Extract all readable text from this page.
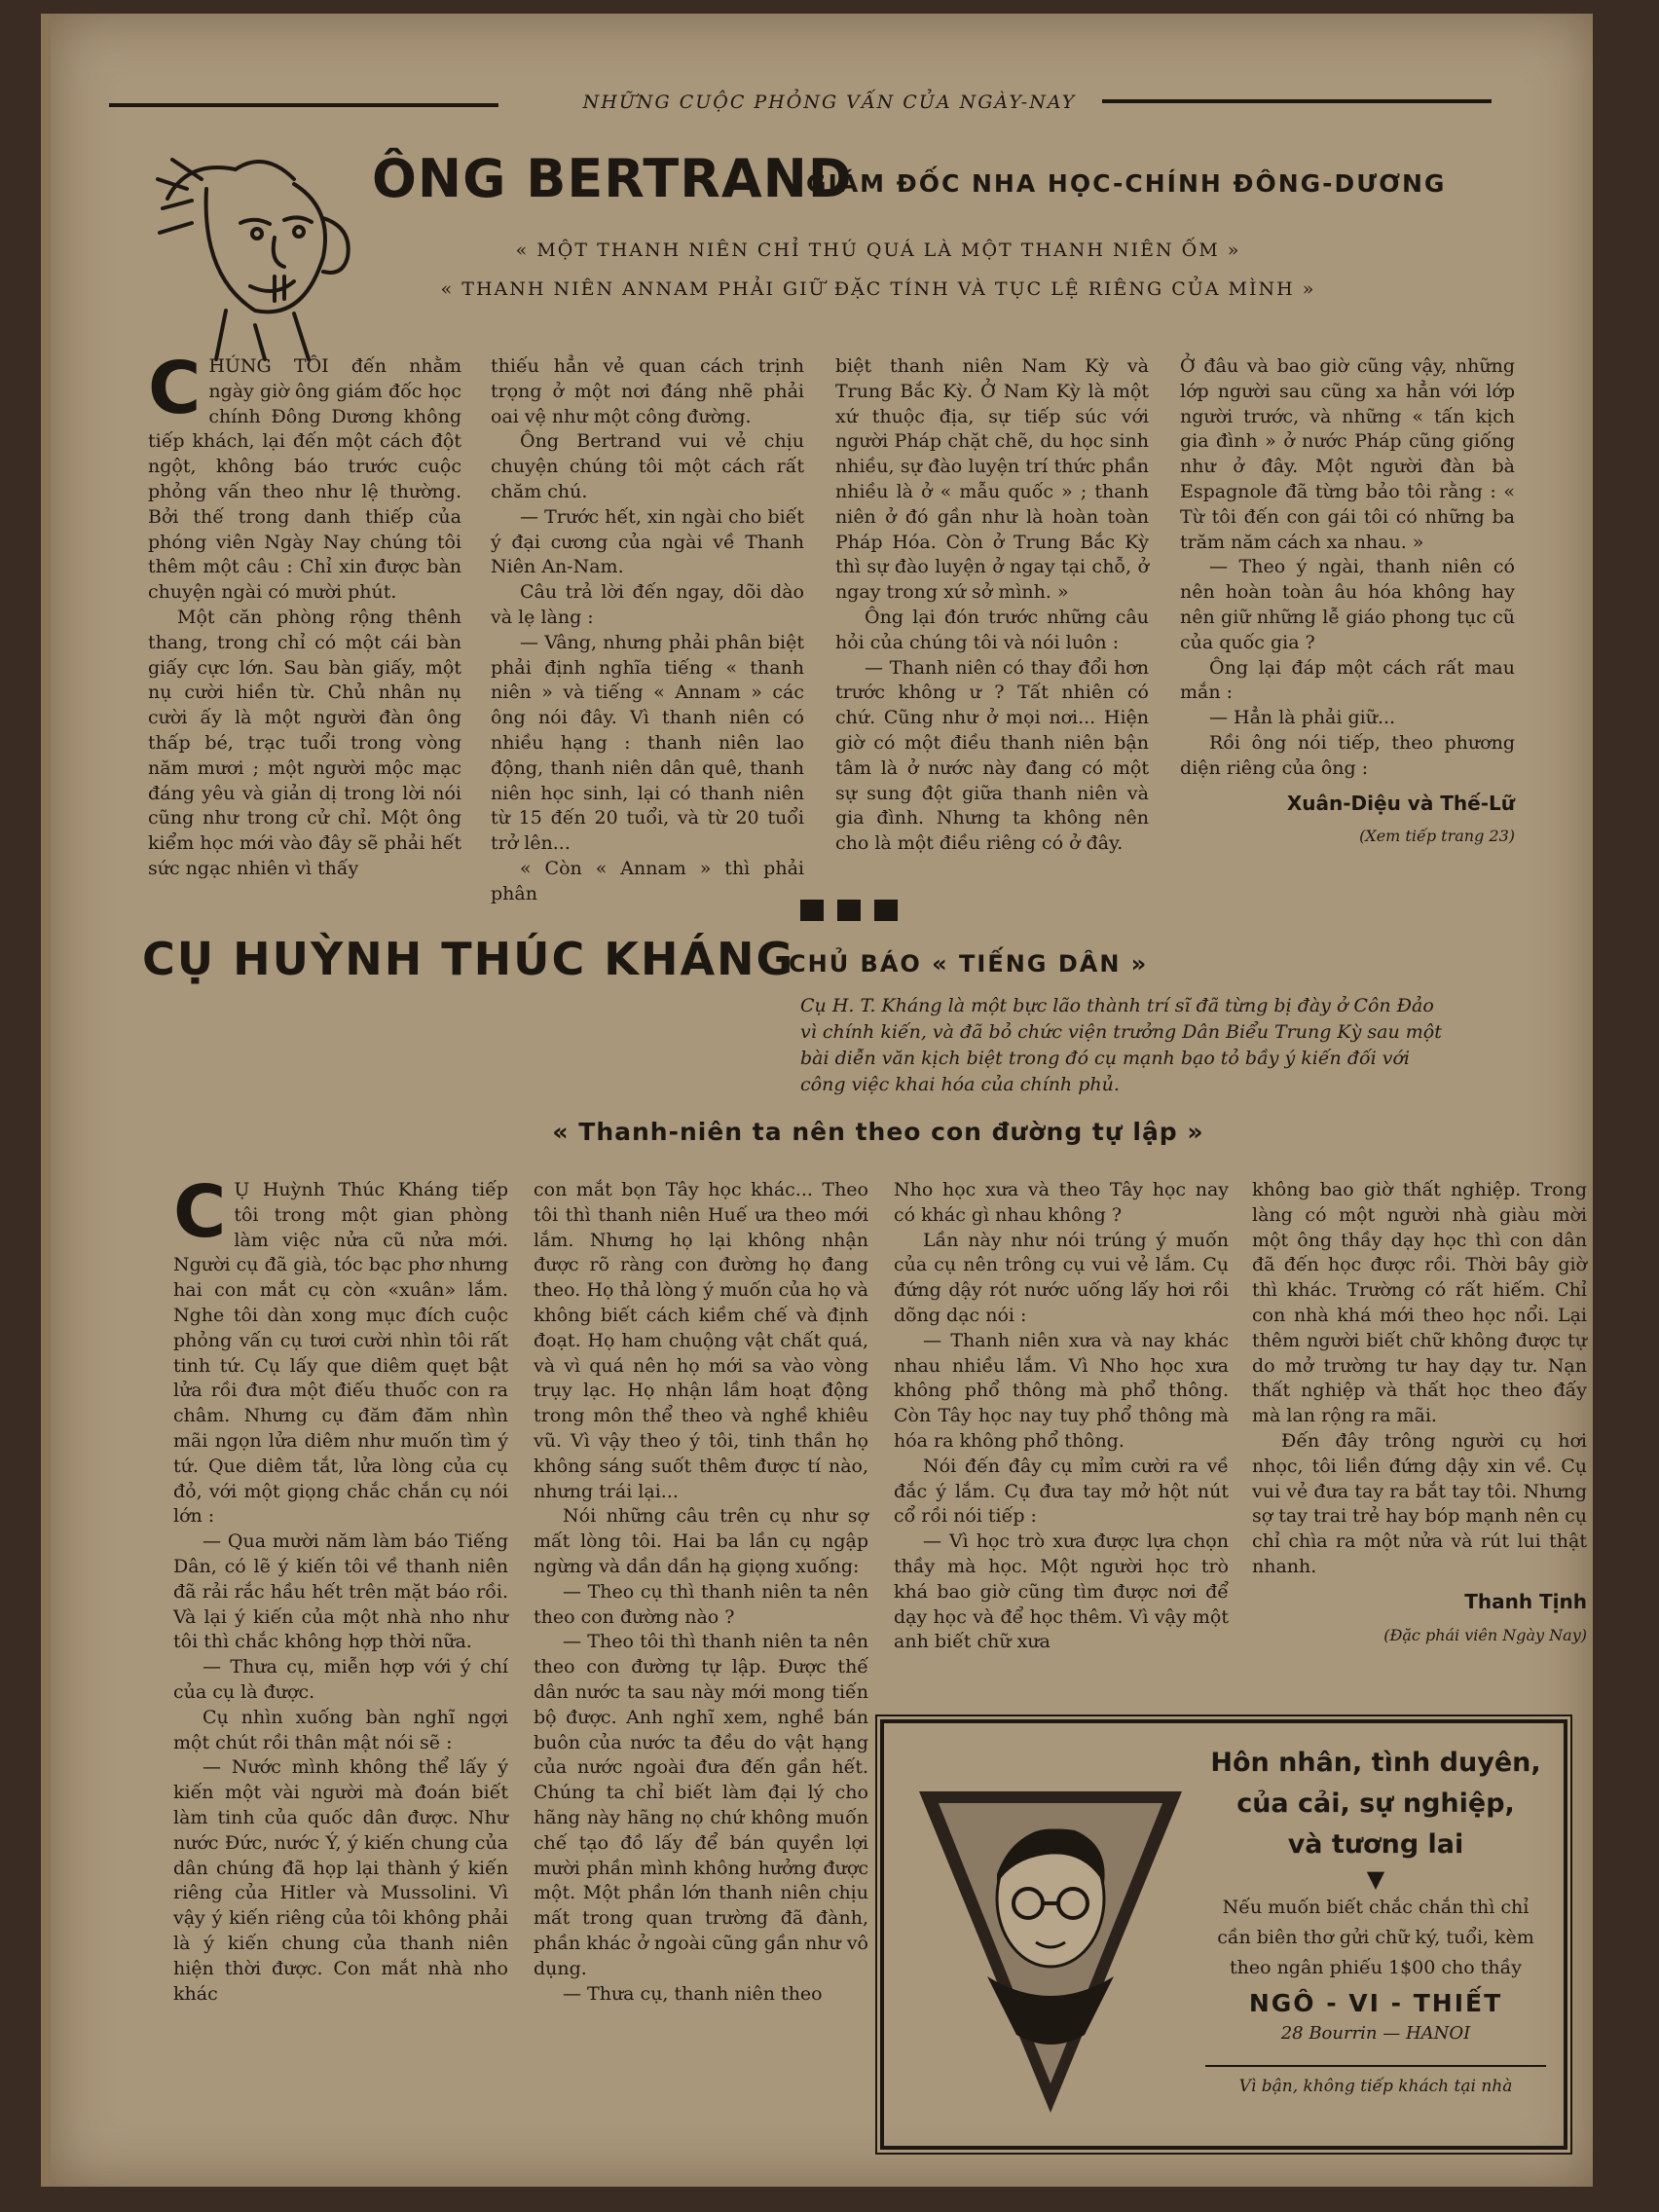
NHỮNG CUỘC PHỎNG VẤN CỦA NGÀY-NAY
ÔNG BERTRAND
GIÁM ĐỐC NHA HỌC-CHÍNH ĐÔNG-DƯƠNG
« MỘT THANH NIÊN CHỈ THÚ QUÁ LÀ MỘT THANH NIÊN ỐM »
« THANH NIÊN ANNAM PHẢI GIỮ ĐẶC TÍNH VÀ TỤC LỆ RIÊNG CỦA MÌNH »

CHÚNG TÔI đến nhằm ngày giờ ông giám đốc học chính Đông Dương không tiếp khách, lại đến một cách đột ngột, không báo trước cuộc phỏng vấn theo như lệ thường. Bởi thế trong danh thiếp của phóng viên Ngày Nay chúng tôi thêm một câu : Chỉ xin được bàn chuyện ngài có mười phút.

Một căn phòng rộng thênh thang, trong chỉ có một cái bàn giấy cực lớn. Sau bàn giấy, một nụ cười hiền từ. Chủ nhân nụ cười ấy là một người đàn ông thấp bé, trạc tuổi trong vòng năm mươi ; một người mộc mạc đáng yêu và giản dị trong lời nói cũng như trong cử chỉ. Một ông kiểm học mới vào đây sẽ phải hết sức ngạc nhiên vì thấy

thiếu hẳn vẻ quan cách trịnh trọng ở một nơi đáng nhẽ phải oai vệ như một công đường.

Ông Bertrand vui vẻ chịu chuyện chúng tôi một cách rất chăm chú.

— Trước hết, xin ngài cho biết ý đại cương của ngài về Thanh Niên An-Nam.

Câu trả lời đến ngay, dõi dào và lẹ làng :

— Vâng, nhưng phải phân biệt phải định nghĩa tiếng « thanh niên » và tiếng « Annam » các ông nói đây. Vì thanh niên có nhiều hạng : thanh niên lao động, thanh niên dân quê, thanh niên học sinh, lại có thanh niên từ 15 đến 20 tuổi, và từ 20 tuổi trở lên...

« Còn « Annam » thì phải phân

biệt thanh niên Nam Kỳ và Trung Bắc Kỳ. Ở Nam Kỳ là một xứ thuộc địa, sự tiếp súc với người Pháp chặt chẽ, du học sinh nhiều, sự đào luyện trí thức phần nhiều là ở « mẫu quốc » ; thanh niên ở đó gần như là hoàn toàn Pháp Hóa. Còn ở Trung Bắc Kỳ thì sự đào luyện ở ngay tại chỗ, ở ngay trong xứ sở mình. »

Ông lại đón trước những câu hỏi của chúng tôi và nói luôn :

— Thanh niên có thay đổi hơn trước không ư ? Tất nhiên có chứ. Cũng như ở mọi nơi... Hiện giờ có một điều thanh niên bận tâm là ở nước này đang có một sự sung đột giữa thanh niên và gia đình. Nhưng ta không nên cho là một điều riêng có ở đây.

Ở đâu và bao giờ cũng vậy, những lớp người sau cũng xa hẳn với lớp người trước, và những « tấn kịch gia đình » ở nước Pháp cũng giống như ở đây. Một người đàn bà Espagnole đã từng bảo tôi rằng : « Từ tôi đến con gái tôi có những ba trăm năm cách xa nhau. »

— Theo ý ngài, thanh niên có nên hoàn toàn âu hóa không hay nên giữ những lễ giáo phong tục cũ của quốc gia ?

Ông lại đáp một cách rất mau mắn :

— Hẳn là phải giữ...

Rồi ông nói tiếp, theo phương diện riêng của ông :

Xuân-Diệu và Thế-Lữ
(Xem tiếp trang 23)
CỤ HUỲNH THÚC KHÁNG
CHỦ BÁO « TIẾNG DÂN »
Cụ H. T. Kháng là một bực lão thành trí sĩ đã từng bị đày ở Côn Đảo vì chính kiến, và đã bỏ chức viện trưởng Dân Biểu Trung Kỳ sau một bài diễn văn kịch biệt trong đó cụ mạnh bạo tỏ bầy ý kiến đối với công việc khai hóa của chính phủ.
« Thanh-niên ta nên theo con đường tự lập »

C Ụ Huỳnh Thúc Kháng tiếp tôi trong một gian phòng làm việc nửa cũ nửa mới. Người cụ đã già, tóc bạc phơ nhưng hai con mắt cụ còn «xuân» lắm. Nghe tôi dàn xong mục đích cuộc phỏng vấn cụ tươi cười nhìn tôi rất tinh tứ. Cụ lấy que diêm quẹt bật lửa rồi đưa một điếu thuốc con ra châm. Nhưng cụ đăm đăm nhìn mãi ngọn lửa diêm như muốn tìm ý tứ. Que diêm tắt, lửa lòng của cụ đỏ, với một giọng chắc chắn cụ nói lớn :

— Qua mười năm làm báo Tiếng Dân, có lẽ ý kiến tôi về thanh niên đã rải rắc hầu hết trên mặt báo rồi. Và lại ý kiến của một nhà nho như tôi thì chắc không hợp thời nữa.

— Thưa cụ, miễn hợp với ý chí của cụ là được.

Cụ nhìn xuống bàn nghĩ ngợi một chút rồi thân mật nói sẽ :

— Nước mình không thể lấy ý kiến một vài người mà đoán biết làm tinh của quốc dân được. Như nước Đức, nước Ý, ý kiến chung của dân chúng đã họp lại thành ý kiến riêng của Hitler và Mussolini. Vì vậy ý kiến riêng của tôi không phải là ý kiến chung của thanh niên hiện thời được. Con mắt nhà nho khác

con mắt bọn Tây học khác... Theo tôi thì thanh niên Huế ưa theo mới lắm. Nhưng họ lại không nhận được rõ ràng con đường họ đang theo. Họ thả lòng ý muốn của họ và không biết cách kiềm chế và định đoạt. Họ ham chuộng vật chất quá, và vì quá nên họ mới sa vào vòng trụy lạc. Họ nhận lầm hoạt động trong môn thể theo và nghề khiêu vũ. Vì vậy theo ý tôi, tinh thần họ không sáng suốt thêm được tí nào, nhưng trái lại...

Nói những câu trên cụ như sợ mất lòng tôi. Hai ba lần cụ ngập ngừng và dần dần hạ giọng xuống:

— Theo cụ thì thanh niên ta nên theo con đường nào ?

— Theo tôi thì thanh niên ta nên theo con đường tự lập. Được thế dân nước ta sau này mới mong tiến bộ được. Anh nghĩ xem, nghề bán buôn của nước ta đều do vật hạng của nước ngoài đưa đến gần hết. Chúng ta chỉ biết làm đại lý cho hãng này hãng nọ chứ không muốn chế tạo đồ lấy để bán quyền lợi mười phần mình không hưởng được một. Một phần lớn thanh niên chịu mất trong quan trường đã đành, phần khác ở ngoài cũng gần như vô dụng.

— Thưa cụ, thanh niên theo

Nho học xưa và theo Tây học nay có khác gì nhau không ?

Lần này như nói trúng ý muốn của cụ nên trông cụ vui vẻ lắm. Cụ đứng dậy rót nước uống lấy hơi rồi dõng dạc nói :

— Thanh niên xưa và nay khác nhau nhiều lắm. Vì Nho học xưa không phổ thông mà phổ thông. Còn Tây học nay tuy phổ thông mà hóa ra không phổ thông.

Nói đến đây cụ mỉm cười ra về đắc ý lắm. Cụ đưa tay mở hột nút cổ rồi nói tiếp :

— Vì học trò xưa được lựa chọn thầy mà học. Một người học trò khá bao giờ cũng tìm được nơi để dạy học và để học thêm. Vì vậy một anh biết chữ xưa

không bao giờ thất nghiệp. Trong làng có một người nhà giàu mời một ông thầy dạy học thì con dân đã đến học được rồi. Thời bây giờ thì khác. Trường có rất hiếm. Chỉ con nhà khá mới theo học nổi. Lại thêm người biết chữ không được tự do mở trường tư hay dạy tư. Nạn thất nghiệp và thất học theo đấy mà lan rộng ra mãi.

Đến đây trông người cụ hơi nhọc, tôi liền đứng dậy xin về. Cụ vui vẻ đưa tay ra bắt tay tôi. Nhưng sợ tay trai trẻ hay bóp mạnh nên cụ chỉ chìa ra một nửa và rút lui thật nhanh.

Thanh Tịnh
(Đặc phái viên Ngày Nay)
Hôn nhân, tình duyên,
của cải, sự nghiệp,
và tương lai
▼
Nếu muốn biết chắc chắn thì chỉ cần biên thơ gửi chữ ký, tuổi, kèm theo ngân phiếu 1$00 cho thầy
NGÔ - VI - THIẾT
28 Bourrin — HANOI
Vì bận, không tiếp khách tại nhà
